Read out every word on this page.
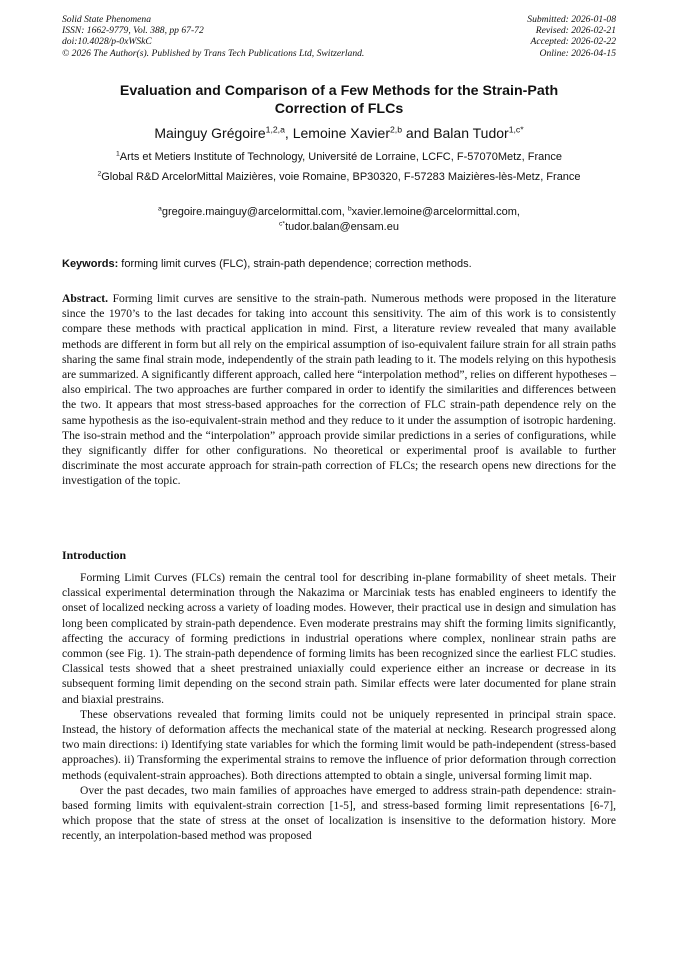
Solid State Phenomena
ISSN: 1662-9779, Vol. 388, pp 67-72
doi:10.4028/p-0xWSkC
© 2026 The Author(s). Published by Trans Tech Publications Ltd, Switzerland.
Submitted: 2026-01-08
Revised: 2026-02-21
Accepted: 2026-02-22
Online: 2026-04-15
Evaluation and Comparison of a Few Methods for the Strain-Path
Correction of FLCs
Mainguy Grégoire$^{1,2,a}$, Lemoine Xavier$^{2,b}$ and Balan Tudor$^{1,c*}$
$^1$Arts et Metiers Institute of Technology, Université de Lorraine, LCFC, F-57070Metz, France
$^2$Global R&D ArcelorMittal Maizières, voie Romaine, BP30320, F-57283 Maizières-lès-Metz, France
$^a$gregoire.mainguy@arcelormittal.com, $^b$xavier.lemoine@arcelormittal.com,
$^{c*}$tudor.balan@ensam.eu
Keywords: forming limit curves (FLC), strain-path dependence; correction methods.

Abstract. Forming limit curves are sensitive to the strain-path. Numerous methods were proposed in the literature since the 1970’s to the last decades for taking into account this sensitivity. The aim of this work is to consistently compare these methods with practical application in mind. First, a literature review revealed that many available methods are different in form but all rely on the empirical assumption of iso-equivalent failure strain for all strain paths sharing the same final strain mode, independently of the strain path leading to it. The models relying on this hypothesis are summarized. A significantly different approach, called here “interpolation method”, relies on different hypotheses – also empirical. The two approaches are further compared in order to identify the similarities and differences between the two. It appears that most stress-based approaches for the correction of FLC strain-path dependence rely on the same hypothesis as the iso-equivalent-strain method and they reduce to it under the assumption of isotropic hardening. The iso-strain method and the “interpolation” approach provide similar predictions in a series of configurations, while they significantly differ for other configurations. No theoretical or experimental proof is available to further discriminate the most accurate approach for strain-path correction of FLCs; the research opens new directions for the investigation of the topic.

Introduction

Forming Limit Curves (FLCs) remain the central tool for describing in-plane formability of sheet metals. Their classical experimental determination through the Nakazima or Marciniak tests has enabled engineers to identify the onset of localized necking across a variety of loading modes. However, their practical use in design and simulation has long been complicated by strain-path dependence. Even moderate prestrains may shift the forming limits significantly, affecting the accuracy of forming predictions in industrial operations where complex, nonlinear strain paths are common (see Fig. 1). The strain-path dependence of forming limits has been recognized since the earliest FLC studies. Classical tests showed that a sheet prestrained uniaxially could experience either an increase or decrease in its subsequent forming limit depending on the second strain path. Similar effects were later documented for plane strain and biaxial prestrains.

These observations revealed that forming limits could not be uniquely represented in principal strain space. Instead, the history of deformation affects the mechanical state of the material at necking. Research progressed along two main directions: i) Identifying state variables for which the forming limit would be path-independent (stress-based approaches). ii) Transforming the experimental strains to remove the influence of prior deformation through correction methods (equivalent-strain approaches). Both directions attempted to obtain a single, universal forming limit map.

Over the past decades, two main families of approaches have emerged to address strain-path dependence: strain-based forming limits with equivalent-strain correction [1-5], and stress-based forming limit representations [6-7], which propose that the state of stress at the onset of localization is insensitive to the deformation history. More recently, an interpolation-based method was proposed
